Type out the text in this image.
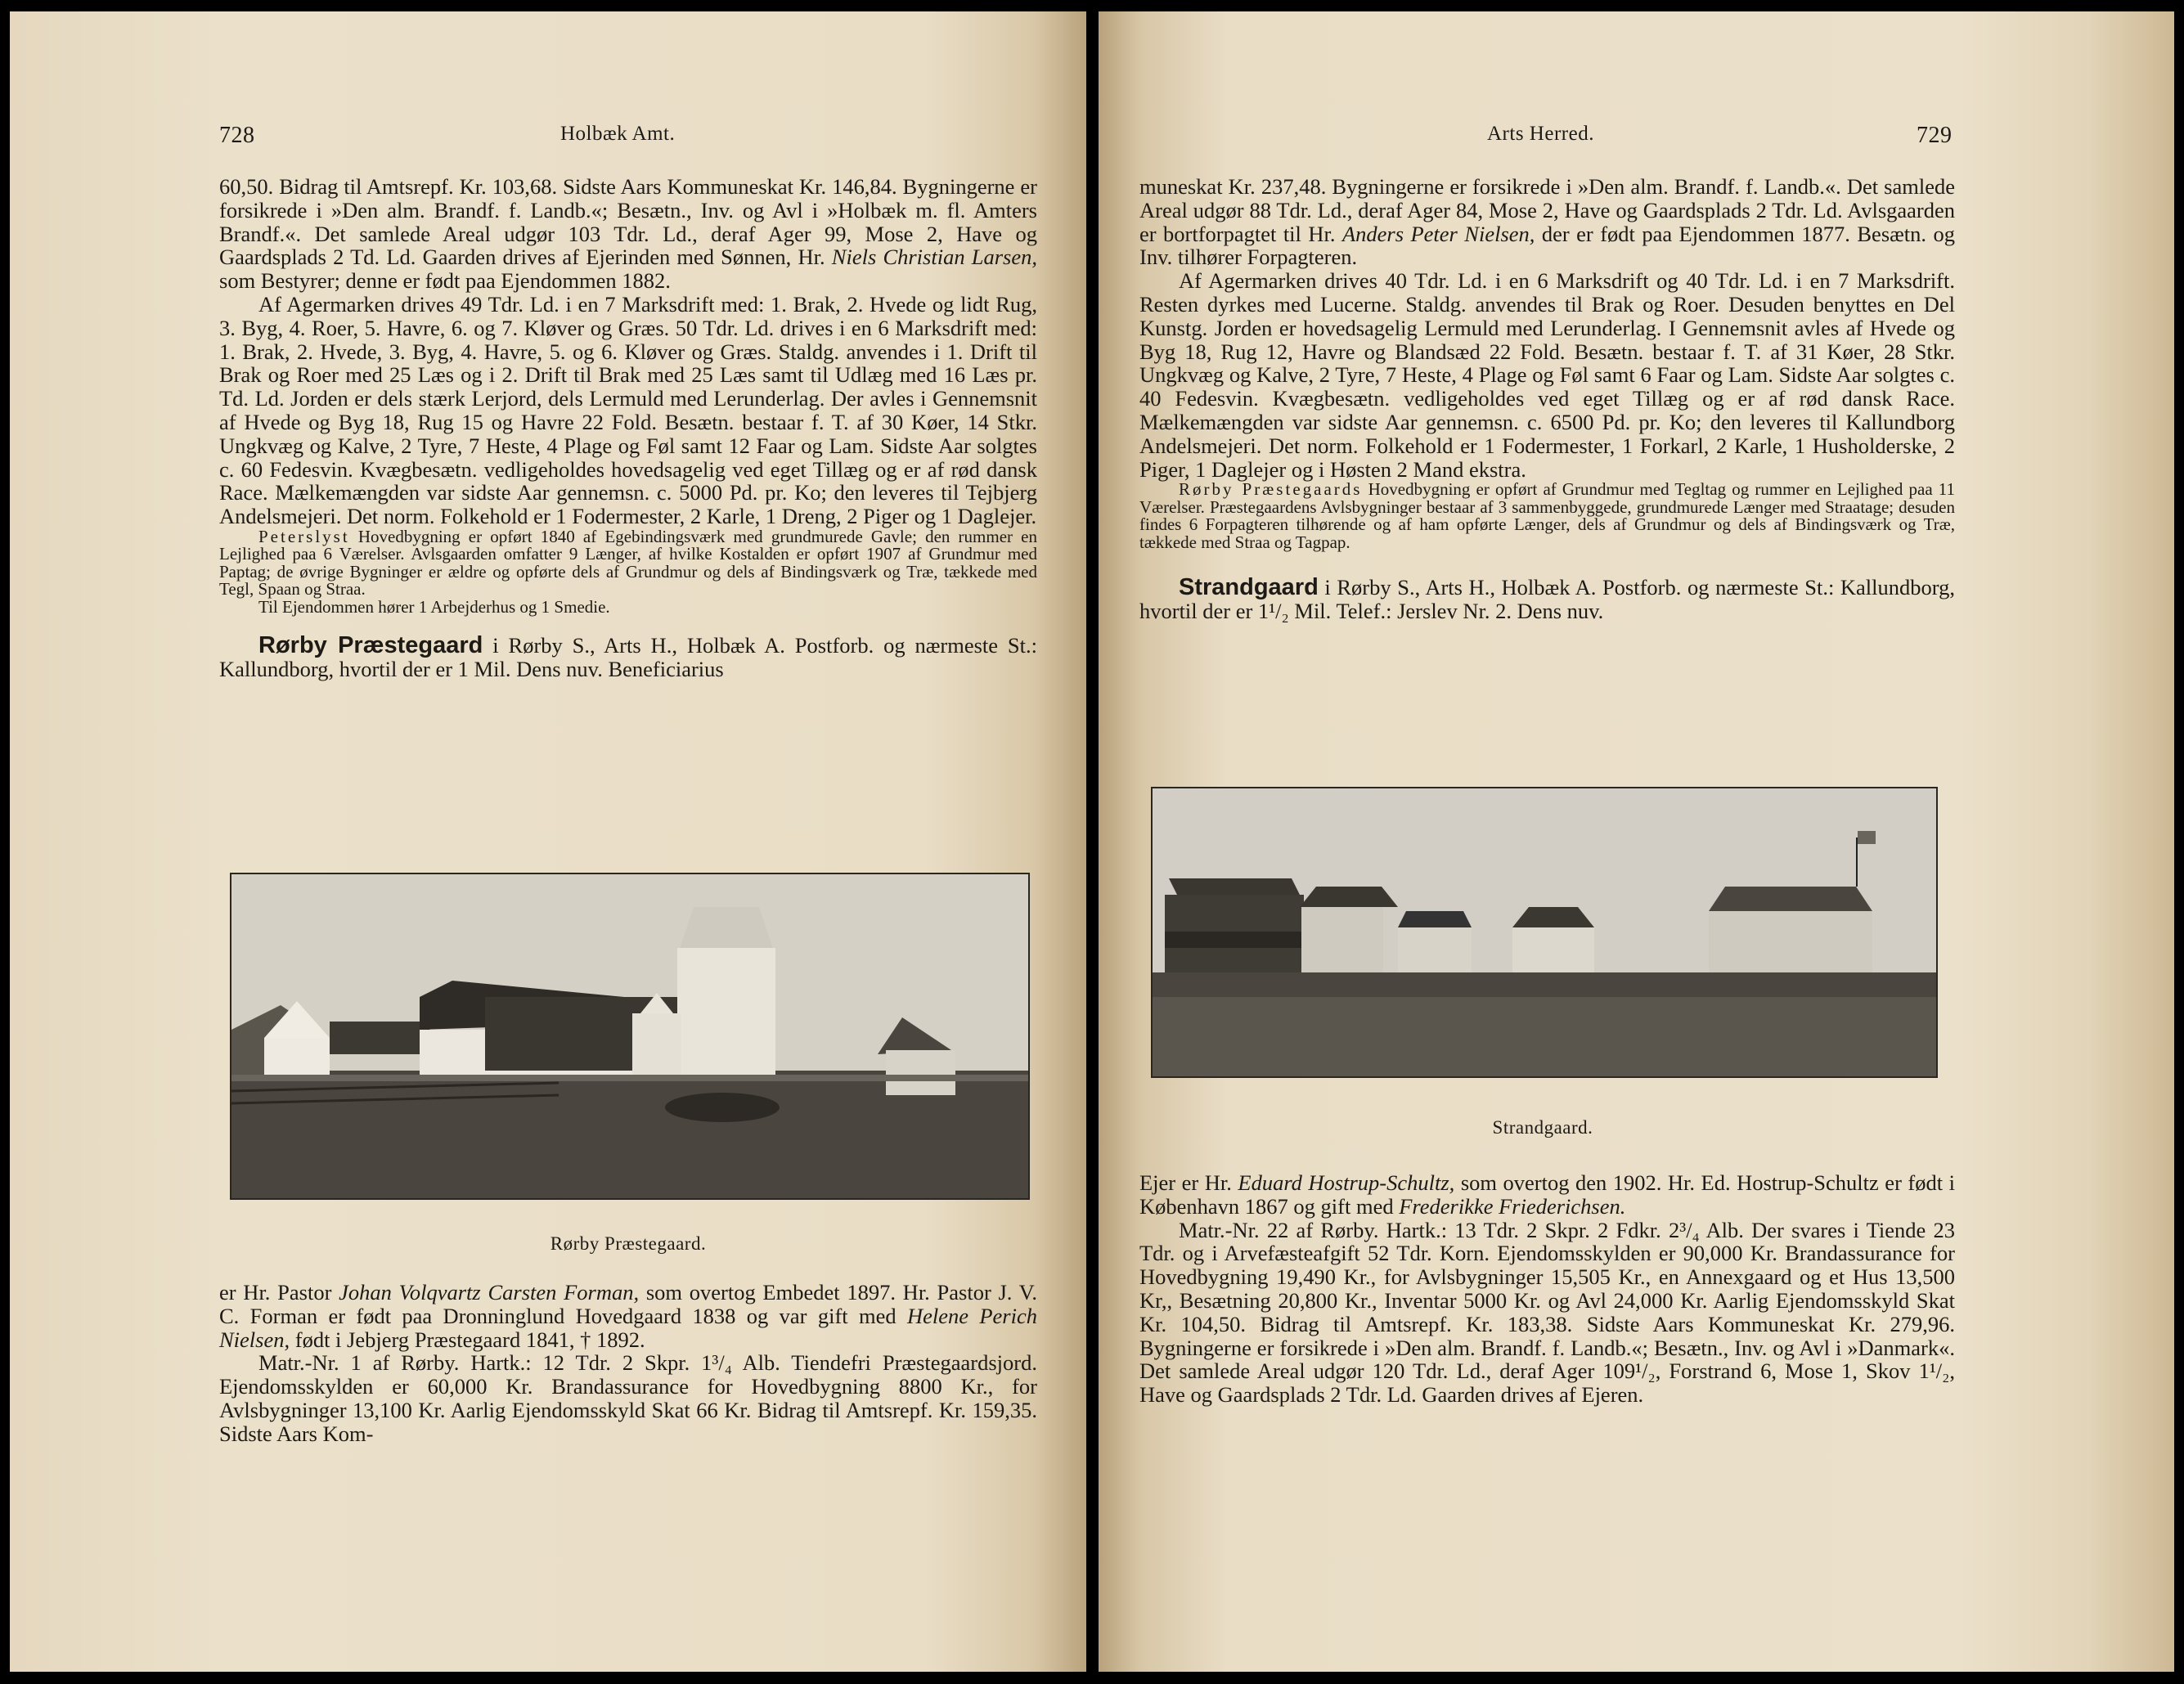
728	Holbæk Amt.

60,50. Bidrag til Amtsrepf. Kr. 103,68. Sidste Aars Kommuneskat Kr. 146,84. Bygningerne er forsikrede i »Den alm. Brandf. f. Landb.«; Besætn., Inv. og Avl i »Holbæk m. fl. Amters Brandf.«. Det samlede Areal udgør 103 Tdr. Ld., deraf Ager 99, Mose 2, Have og Gaardsplads 2 Td. Ld. Gaarden drives af Ejerinden med Sønnen, Hr. Niels Christian Larsen, som Bestyrer; denne er født paa Ejendommen 1882.

Af Agermarken drives 49 Tdr. Ld. i en 7 Marksdrift med: 1. Brak, 2. Hvede og lidt Rug, 3. Byg, 4. Roer, 5. Havre, 6. og 7. Kløver og Græs. 50 Tdr. Ld. drives i en 6 Marksdrift med: 1. Brak, 2. Hvede, 3. Byg, 4. Havre, 5. og 6. Kløver og Græs. Staldg. anvendes i 1. Drift til Brak og Roer med 25 Læs og i 2. Drift til Brak med 25 Læs samt til Udlæg med 16 Læs pr. Td. Ld. Jorden er dels stærk Lerjord, dels Lermuld med Lerunderlag. Der avles i Gennemsnit af Hvede og Byg 18, Rug 15 og Havre 22 Fold. Besætn. bestaar f. T. af 30 Køer, 14 Stkr. Ungkvæg og Kalve, 2 Tyre, 7 Heste, 4 Plage og Føl samt 12 Faar og Lam. Sidste Aar solgtes c. 60 Fedesvin. Kvægbesætn. vedligeholdes hovedsagelig ved eget Tillæg og er af rød dansk Race. Mælkemængden var sidste Aar gennemsn. c. 5000 Pd. pr. Ko; den leveres til Tejbjerg Andelsmejeri. Det norm. Folkehold er 1 Fodermester, 2 Karle, 1 Dreng, 2 Piger og 1 Daglejer.

Peterslyst Hovedbygning er opført 1840 af Egebindingsværk med grundmurede Gavle; den rummer en Lejlighed paa 6 Værelser. Avlsgaarden omfatter 9 Længer, af hvilke Kostalden er opført 1907 af Grundmur med Paptag; de øvrige Bygninger er ældre og opførte dels af Grundmur og dels af Bindingsværk og Træ, tækkede med Tegl, Spaan og Straa.

Til Ejendommen hører 1 Arbejderhus og 1 Smedie.

Rørby Præstegaard i Rørby S., Arts H., Holbæk A. Postforb. og nærmeste St.: Kallundborg, hvortil der er 1 Mil. Dens nuv. Beneficiarius

Rørby Præstegaard.

er Hr. Pastor Johan Volqvartz Carsten Forman, som overtog Embedet 1897. Hr. Pastor J. V. C. Forman er født paa Dronninglund Hovedgaard 1838 og var gift med Helene Perich Nielsen, født i Jebjerg Præstegaard 1841, † 1892.

Matr.-Nr. 1 af Rørby. Hartk.: 12 Tdr. 2 Skpr. 1³/₄ Alb. Tiendefri Præstegaardsjord. Ejendomsskylden er 60,000 Kr. Brandassurance for Hovedbygning 8800 Kr., for Avlsbygninger 13,100 Kr. Aarlig Ejendomsskyld Skat 66 Kr. Bidrag til Amtsrepf. Kr. 159,35. Sidste Aars Kom-

Arts Herred.	729

muneskat Kr. 237,48. Bygningerne er forsikrede i »Den alm. Brandf. f. Landb.«. Det samlede Areal udgør 88 Tdr. Ld., deraf Ager 84, Mose 2, Have og Gaardsplads 2 Tdr. Ld. Avlsgaarden er bortforpagtet til Hr. Anders Peter Nielsen, der er født paa Ejendommen 1877. Besætn. og Inv. tilhører Forpagteren.

Af Agermarken drives 40 Tdr. Ld. i en 6 Marksdrift og 40 Tdr. Ld. i en 7 Marksdrift. Resten dyrkes med Lucerne. Staldg. anvendes til Brak og Roer. Desuden benyttes en Del Kunstg. Jorden er hovedsagelig Lermuld med Lerunderlag. I Gennemsnit avles af Hvede og Byg 18, Rug 12, Havre og Blandsæd 22 Fold. Besætn. bestaar f. T. af 31 Køer, 28 Stkr. Ungkvæg og Kalve, 2 Tyre, 7 Heste, 4 Plage og Føl samt 6 Faar og Lam. Sidste Aar solgtes c. 40 Fedesvin. Kvægbesætn. vedligeholdes ved eget Tillæg og er af rød dansk Race. Mælkemængden var sidste Aar gennemsn. c. 6500 Pd. pr. Ko; den leveres til Kallundborg Andelsmejeri. Det norm. Folkehold er 1 Fodermester, 1 Forkarl, 2 Karle, 1 Husholderske, 2 Piger, 1 Daglejer og i Høsten 2 Mand ekstra.

Rørby Præstegaards Hovedbygning er opført af Grundmur med Tegltag og rummer en Lejlighed paa 11 Værelser. Præstegaardens Avlsbygninger bestaar af 3 sammenbyggede, grundmurede Længer med Straatage; desuden findes 6 Forpagteren tilhørende og af ham opførte Længer, dels af Grundmur og dels af Bindingsværk og Træ, tækkede med Straa og Tagpap.

Strandgaard i Rørby S., Arts H., Holbæk A. Postforb. og nærmeste St.: Kallundborg, hvortil der er 1¹/₂ Mil. Telef.: Jerslev Nr. 2. Dens nuv.

Strandgaard.

Ejer er Hr. Eduard Hostrup-Schultz, som overtog den 1902. Hr. Ed. Hostrup-Schultz er født i København 1867 og gift med Frederikke Friederichsen.

Matr.-Nr. 22 af Rørby. Hartk.: 13 Tdr. 2 Skpr. 2 Fdkr. 2³/₄ Alb. Der svares i Tiende 23 Tdr. og i Arvefæsteafgift 52 Tdr. Korn. Ejendomsskylden er 90,000 Kr. Brandassurance for Hovedbygning 19,490 Kr., for Avlsbygninger 15,505 Kr., en Annexgaard og et Hus 13,500 Kr,, Besætning 20,800 Kr., Inventar 5000 Kr. og Avl 24,000 Kr. Aarlig Ejendomsskyld Skat Kr. 104,50. Bidrag til Amtsrepf. Kr. 183,38. Sidste Aars Kommuneskat Kr. 279,96. Bygningerne er forsikrede i »Den alm. Brandf. f. Landb.«; Besætn., Inv. og Avl i »Danmark«. Det samlede Areal udgør 120 Tdr. Ld., deraf Ager 109¹/₂, Forstrand 6, Mose 1, Skov 1¹/₂, Have og Gaardsplads 2 Tdr. Ld. Gaarden drives af Ejeren.
